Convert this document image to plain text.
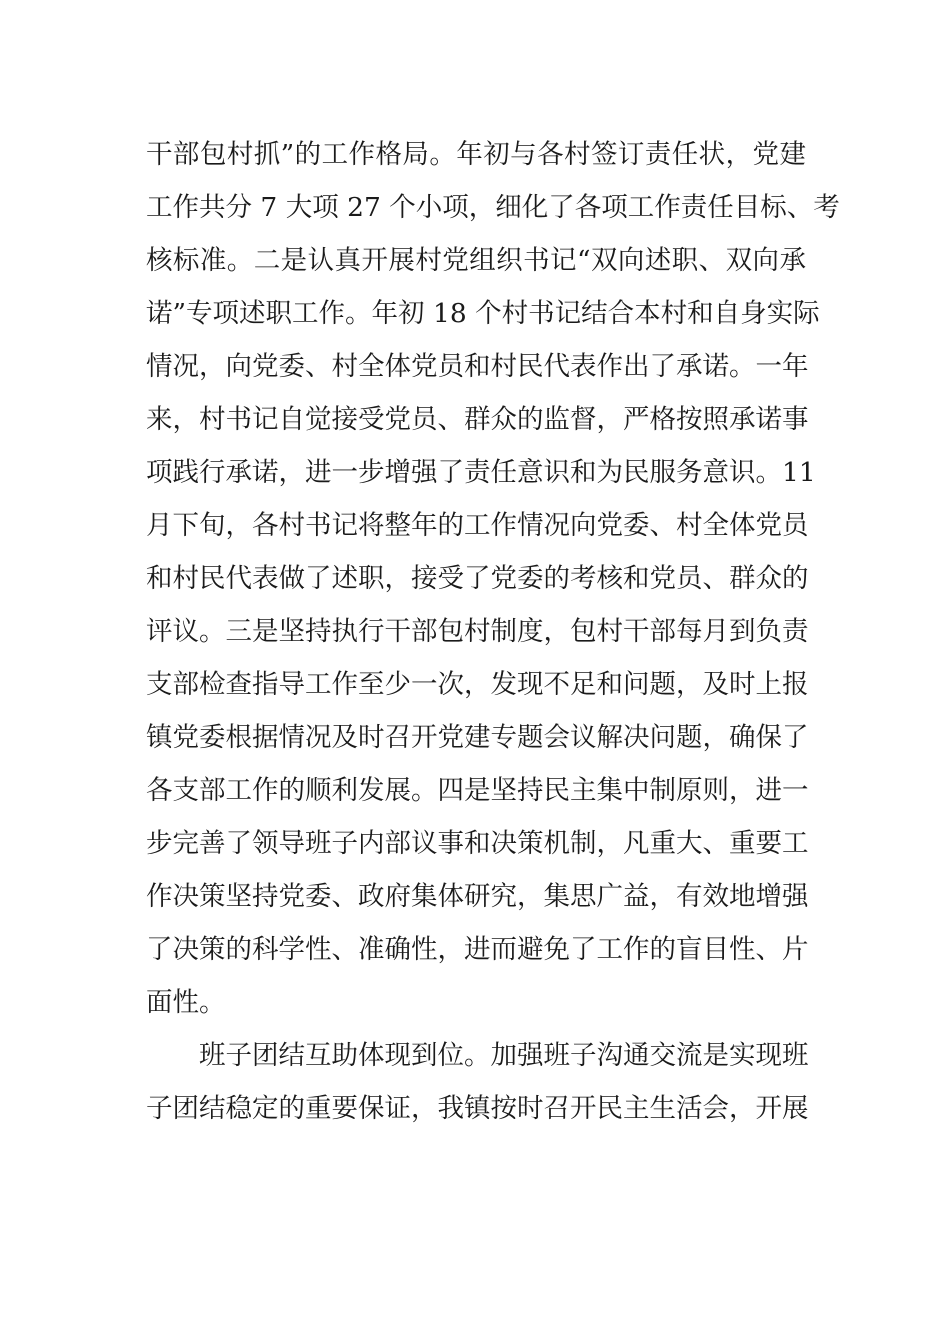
干部包村抓”的工作格局。年初与各村签订责任状，党建
工作共分 7 大项 27 个小项，细化了各项工作责任目标、考
核标准。二是认真开展村党组织书记“双向述职、双向承
诺”专项述职工作。年初 18 个村书记结合本村和自身实际
情况，向党委、村全体党员和村民代表作出了承诺。一年
来，村书记自觉接受党员、群众的监督，严格按照承诺事
项践行承诺，进一步增强了责任意识和为民服务意识。11
月下旬，各村书记将整年的工作情况向党委、村全体党员
和村民代表做了述职，接受了党委的考核和党员、群众的
评议。三是坚持执行干部包村制度，包村干部每月到负责
支部检查指导工作至少一次，发现不足和问题，及时上报
镇党委根据情况及时召开党建专题会议解决问题，确保了
各支部工作的顺利发展。四是坚持民主集中制原则，进一
步完善了领导班子内部议事和决策机制，凡重大、重要工
作决策坚持党委、政府集体研究，集思广益，有效地增强
了决策的科学性、准确性，进而避免了工作的盲目性、片
面性。
班子团结互助体现到位。加强班子沟通交流是实现班
子团结稳定的重要保证，我镇按时召开民主生活会，开展
